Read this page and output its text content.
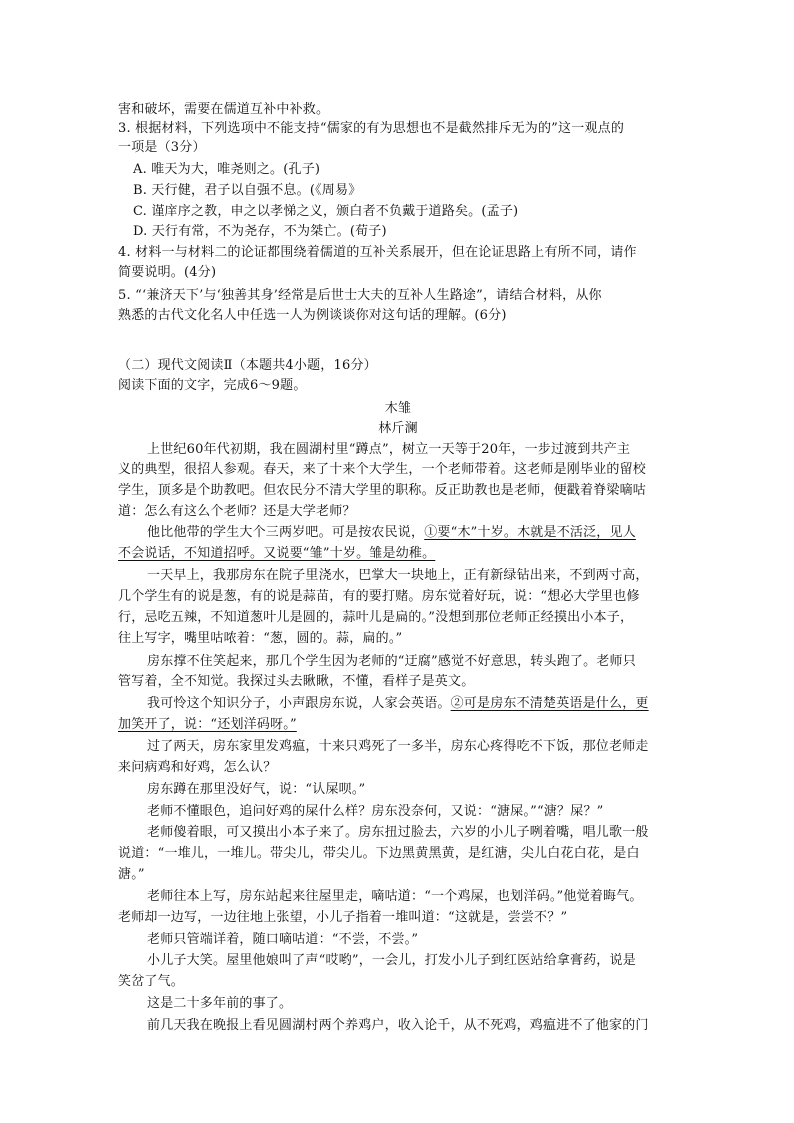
害和破坏，需要在儒道互补中补救。
3. 根据材料，下列选项中不能支持“儒家的有为思想也不是截然排斥无为的”这一观点的
一项是（3分）
A. 唯天为大，唯尧则之。(孔子)
B. 天行健，君子以自强不息。(《周易》
C. 谨庠序之教，申之以孝悌之义，颁白者不负戴于道路矣。(孟子)
D. 天行有常，不为尧存，不为桀亡。(荀子)
4. 材料一与材料二的论证都围绕着儒道的互补关系展开，但在论证思路上有所不同，请作
简要说明。(4分)
5. “‘兼济天下’与‘独善其身’经常是后世士大夫的互补人生路途”，请结合材料，从你
熟悉的古代文化名人中任选一人为例谈谈你对这句话的理解。(6分)
（二）现代文阅读Ⅱ（本题共4小题，16分）
阅读下面的文字，完成6～9题。
木雏
林斤澜
上世纪60年代初期，我在圆湖村里“蹲点”，树立一天等于20年，一步过渡到共产主
义的典型，很招人参观。春天，来了十来个大学生，一个老师带着。这老师是刚毕业的留校
学生，顶多是个助教吧。但农民分不清大学里的职称。反正助教也是老师，便戳着脊梁嘀咕
道：怎么有这么个老师？还是大学老师？
他比他带的学生大个三两岁吧。可是按农民说，①要“木”十岁。木就是不活泛，见人
不会说话，不知道招呼。又说要“雏”十岁。雏是幼稚。
一天早上，我那房东在院子里浇水，巴掌大一块地上，正有新绿钻出来，不到两寸高，
几个学生有的说是葱，有的说是蒜苗，有的要打赌。房东觉着好玩，说：“想必大学里也修
行，忌吃五辣，不知道葱叶儿是圆的，蒜叶儿是扁的。”没想到那位老师正经摸出小本子，
往上写字，嘴里咕哝着：“葱，圆的。蒜，扁的。”
房东撑不住笑起来，那几个学生因为老师的“迂腐”感觉不好意思，转头跑了。老师只
管写着，全不知觉。我探过头去瞅瞅，不懂，看样子是英文。
我可怜这个知识分子，小声跟房东说，人家会英语。②可是房东不清楚英语是什么，更
加笑开了，说：“还划洋码呀。”
过了两天，房东家里发鸡瘟，十来只鸡死了一多半，房东心疼得吃不下饭，那位老师走
来问病鸡和好鸡，怎么认？
房东蹲在那里没好气，说：“认屎呗。”
老师不懂眼色，追问好鸡的屎什么样？房东没奈何，又说：“溏屎。”“溏？屎？”
老师傻着眼，可又摸出小本子来了。房东扭过脸去，六岁的小儿子咧着嘴，唱儿歌一般
说道：“一堆儿，一堆儿。带尖儿，带尖儿。下边黑黄黑黄，是红溏，尖儿白花白花，是白
溏。”
老师往本上写，房东站起来往屋里走，嘀咕道：“一个鸡屎，也划洋码。”他觉着晦气。
老师却一边写，一边往地上张望，小儿子指着一堆叫道：“这就是，尝尝不？”
老师只管端详着，随口嘀咕道：“不尝，不尝。”
小儿子大笑。屋里他娘叫了声“哎哟”，一会儿，打发小儿子到红医站给拿膏药，说是
笑岔了气。
这是二十多年前的事了。
前几天我在晚报上看见圆湖村两个养鸡户，收入论千，从不死鸡，鸡瘟进不了他家的门
